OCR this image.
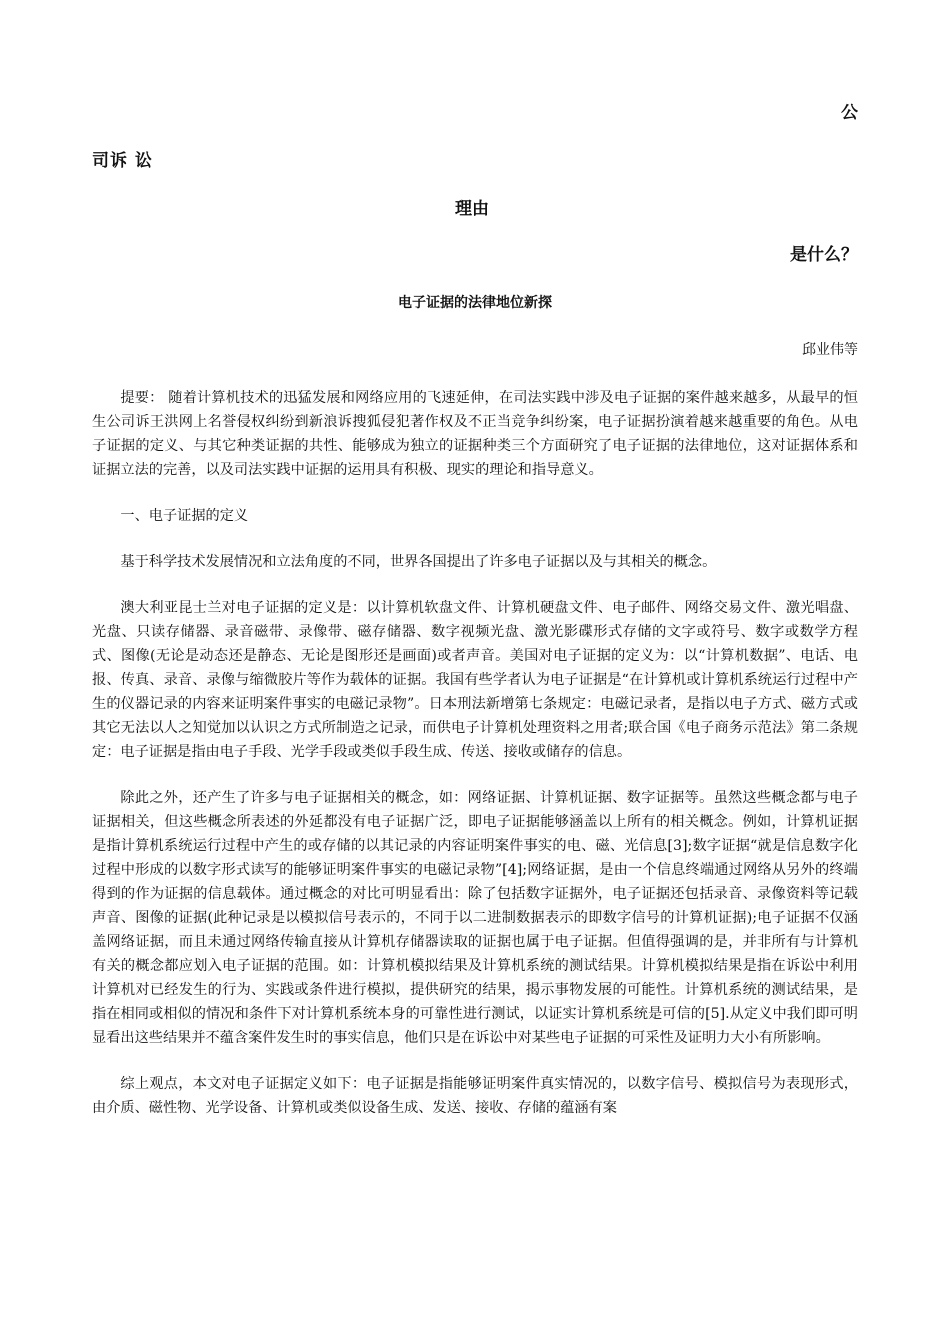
公
司诉 讼
理由
是什么？
电子证据的法律地位新探
邱业伟等

提要： 随着计算机技术的迅猛发展和网络应用的飞速延伸，在司法实践中涉及电子证据的案件越来越多，从最早的恒生公司诉王洪网上名誉侵权纠纷到新浪诉搜狐侵犯著作权及不正当竞争纠纷案，电子证据扮演着越来越重要的角色。从电子证据的定义、与其它种类证据的共性、能够成为独立的证据种类三个方面研究了电子证据的法律地位，这对证据体系和证据立法的完善，以及司法实践中证据的运用具有积极、现实的理论和指导意义。

一、电子证据的定义

基于科学技术发展情况和立法角度的不同，世界各国提出了许多电子证据以及与其相关的概念。

澳大利亚昆士兰对电子证据的定义是：以计算机软盘文件、计算机硬盘文件、电子邮件、网络交易文件、激光唱盘、光盘、只读存储器、录音磁带、录像带、磁存储器、数字视频光盘、激光影碟形式存储的文字或符号、数字或数学方程式、图像(无论是动态还是静态、无论是图形还是画面)或者声音。美国对电子证据的定义为：以“计算机数据”、电话、电报、传真、录音、录像与缩微胶片等作为载体的证据。我国有些学者认为电子证据是“在计算机或计算机系统运行过程中产生的仪器记录的内容来证明案件事实的电磁记录物”。日本刑法新增第七条规定：电磁记录者，是指以电子方式、磁方式或其它无法以人之知觉加以认识之方式所制造之记录，而供电子计算机处理资料之用者;联合国《电子商务示范法》第二条规定：电子证据是指由电子手段、光学手段或类似手段生成、传送、接收或储存的信息。

除此之外，还产生了许多与电子证据相关的概念，如：网络证据、计算机证据、数字证据等。虽然这些概念都与电子证据相关，但这些概念所表述的外延都没有电子证据广泛，即电子证据能够涵盖以上所有的相关概念。例如，计算机证据是指计算机系统运行过程中产生的或存储的以其记录的内容证明案件事实的电、磁、光信息[3];数字证据“就是信息数字化过程中形成的以数字形式读写的能够证明案件事实的电磁记录物”[4];网络证据，是由一个信息终端通过网络从另外的终端得到的作为证据的信息载体。通过概念的对比可明显看出：除了包括数字证据外，电子证据还包括录音、录像资料等记载声音、图像的证据(此种记录是以模拟信号表示的，不同于以二进制数据表示的即数字信号的计算机证据);电子证据不仅涵盖网络证据，而且未通过网络传输直接从计算机存储器读取的证据也属于电子证据。但值得强调的是，并非所有与计算机有关的概念都应划入电子证据的范围。如：计算机模拟结果及计算机系统的测试结果。计算机模拟结果是指在诉讼中利用计算机对已经发生的行为、实践或条件进行模拟，提供研究的结果，揭示事物发展的可能性。计算机系统的测试结果，是指在相同或相似的情况和条件下对计算机系统本身的可靠性进行测试，以证实计算机系统是可信的[5].从定义中我们即可明显看出这些结果并不蕴含案件发生时的事实信息，他们只是在诉讼中对某些电子证据的可采性及证明力大小有所影响。

综上观点，本文对电子证据定义如下：电子证据是指能够证明案件真实情况的，以数字信号、模拟信号为表现形式，由介质、磁性物、光学设备、计算机或类似设备生成、发送、接收、存储的蕴涵有案
